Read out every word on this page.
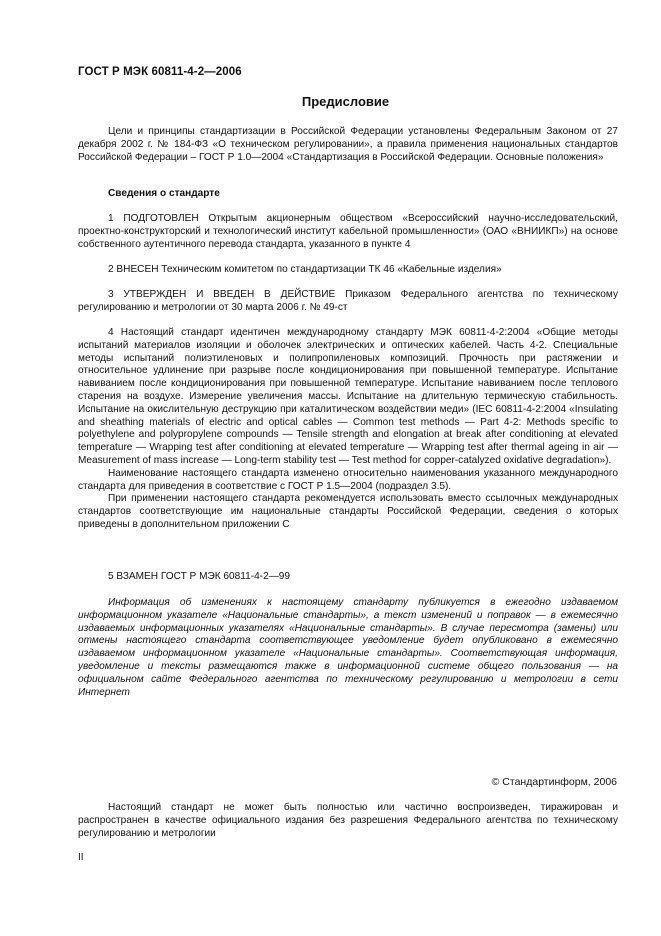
ГОСТ Р МЭК 60811-4-2—2006
Предисловие

Цели и принципы стандартизации в Российской Федерации установлены Федеральным Законом от 27 декабря 2002 г. № 184-ФЗ «О техническом регулировании», а правила применения национальных стандартов Российской Федерации – ГОСТ Р 1.0—2004 «Стандартизация в Российской Федерации. Основные положения»

Сведения о стандарте

1 ПОДГОТОВЛЕН Открытым акционерным обществом «Всероссийский научно-исследовательский, проектно-конструкторский и технологический институт кабельной промышленности» (ОАО «ВНИИКП») на основе собственного аутентичного перевода стандарта, указанного в пункте 4

2 ВНЕСЕН Техническим комитетом по стандартизации ТК 46 «Кабельные изделия»

3 УТВЕРЖДЕН И ВВЕДЕН В ДЕЙСТВИЕ Приказом Федерального агентства по техническому регулированию и метрологии от 30 марта 2006 г. № 49-ст

4 Настоящий стандарт идентичен международному стандарту МЭК 60811-4-2:2004 «Общие методы испытаний материалов изоляции и оболочек электрических и оптических кабелей. Часть 4-2. Специальные методы испытаний полиэтиленовых и полипропиленовых композиций. Прочность при растяжении и относительное удлинение при разрыве после кондиционирования при повышенной температуре. Испытание навиванием после кондиционирования при повышенной температуре. Испытание навиванием после теплового старения на воздухе. Измерение увеличения массы. Испытание на длительную термическую стабильность. Испытание на окислительную деструкцию при каталитическом воздействии меди» (IEC 60811-4-2:2004 «Insulating and sheathing materials of electric and optical cables — Common test methods — Part 4-2: Methods specific to polyethylene and polypropylene compounds — Tensile strength and elongation at break after conditioning at elevated temperature — Wrapping test after conditioning at elevated temperature — Wrapping test after thermal ageing in air — Measurement of mass increase — Long-term stability test — Test method for copper-catalyzed oxidative degradation»).

Наименование настоящего стандарта изменено относительно наименования указанного международного стандарта для приведения в соответствие с ГОСТ Р 1.5—2004 (подраздел 3.5).

При применении настоящего стандарта рекомендуется использовать вместо ссылочных международных стандартов соответствующие им национальные стандарты Российской Федерации, сведения о которых приведены в дополнительном приложении С

5 ВЗАМЕН ГОСТ Р МЭК 60811-4-2—99

Информация об изменениях к настоящему стандарту публикуется в ежегодно издаваемом информационном указателе «Национальные стандарты», а текст изменений и поправок — в ежемесячно издаваемых информационных указателях «Национальные стандарты». В случае пересмотра (замены) или отмены настоящего стандарта соответствующее уведомление будет опубликовано в ежемесячно издаваемом информационном указателе «Национальные стандарты». Соответствующая информация, уведомление и тексты размещаются также в информационной системе общего пользования — на официальном сайте Федерального агентства по техническому регулированию и метрологии в сети Интернет

© Стандартинформ, 2006

Настоящий стандарт не может быть полностью или частично воспроизведен, тиражирован и распространен в качестве официального издания без разрешения Федерального агентства по техническому регулированию и метрологии

II
